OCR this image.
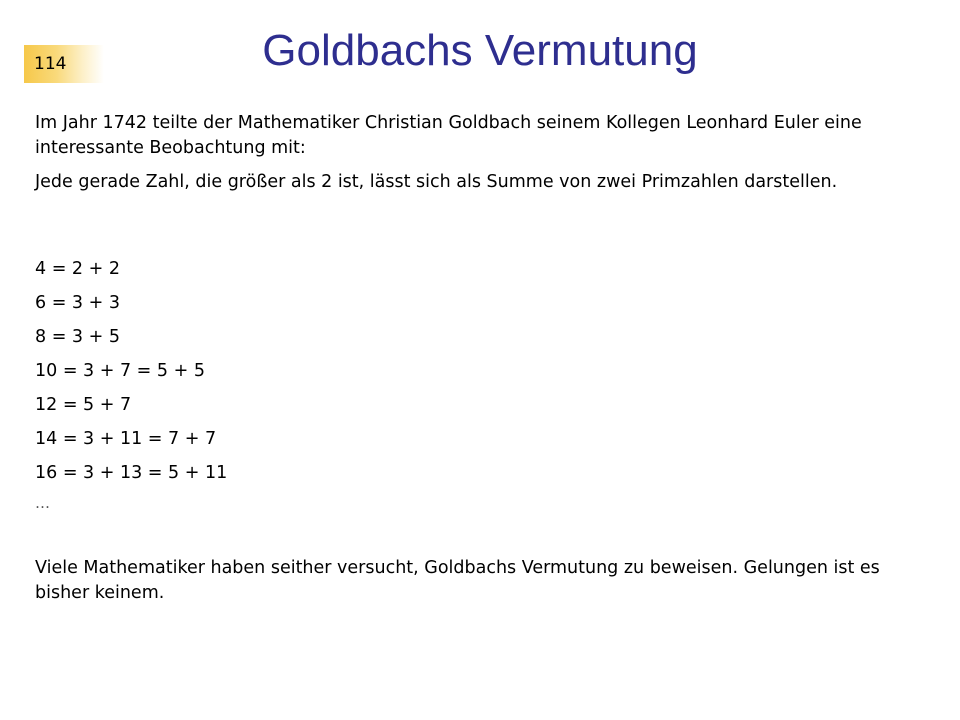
114	Goldbachs Vermutung
Im Jahr 1742 teilte der Mathematiker Christian Goldbach seinem Kollegen Leonhard Euler eine interessante Beobachtung mit:
Jede gerade Zahl, die größer als 2 ist, lässt sich als Summe von zwei Primzahlen darstellen.
4 = 2 + 2
6 = 3 + 3
8 = 3 + 5
10 = 3 + 7 = 5 + 5
12 = 5 + 7
14 = 3 + 11 = 7 + 7
16 = 3 + 13 = 5 + 11
…
Viele Mathematiker haben seither versucht, Goldbachs Vermutung zu beweisen. Gelungen ist es bisher keinem.
